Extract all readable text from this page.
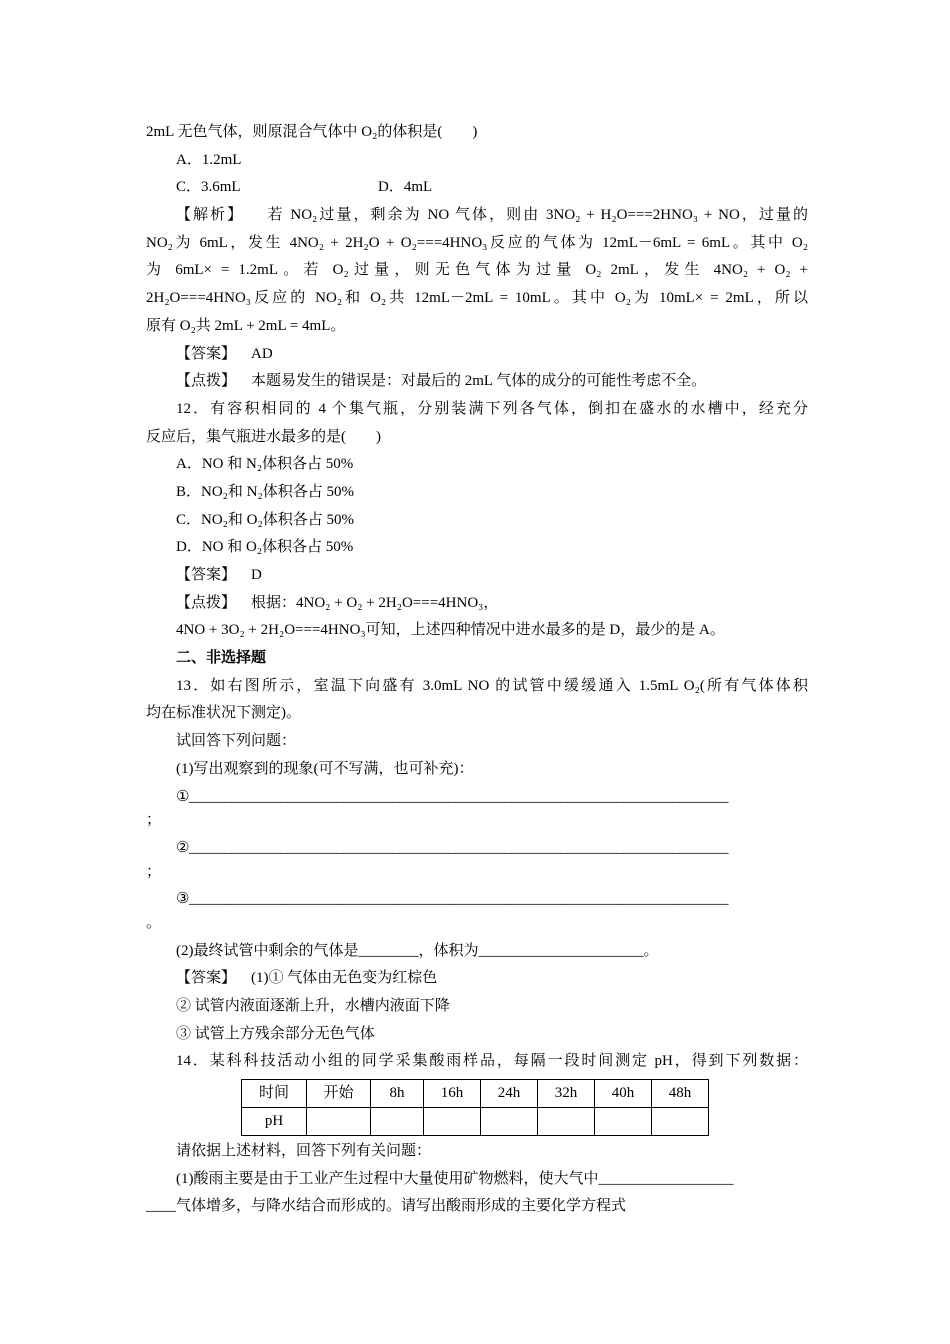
2mL 无色气体，则原混合气体中 O₂的体积是(　　)
A．1.2mL
C．3.6mL	D．4mL
【解析】 若 NO₂过量，剩余为 NO 气体，则由 3NO₂ + H₂O===2HNO₃ + NO，过量的
NO₂为 6mL，发生 4NO₂ + 2H₂O + O₂===4HNO₃反应的气体为 12mL－6mL = 6mL。其中 O₂
为 6mL× = 1.2mL。若 O₂过量，则无色气体为过量 O₂ 2mL，发生 4NO₂ + O₂ +
2H₂O===4HNO₃反应的 NO₂和 O₂共 12mL－2mL = 10mL。其中 O₂为 10mL× = 2mL，所以
原有 O₂共 2mL + 2mL = 4mL。
【答案】 AD
【点拨】 本题易发生的错误是：对最后的 2mL 气体的成分的可能性考虑不全。
12．有容积相同的 4 个集气瓶，分别装满下列各气体，倒扣在盛水的水槽中，经充分
反应后，集气瓶进水最多的是(　　)
A．NO 和 N₂体积各占 50%
B．NO₂和 N₂体积各占 50%
C．NO₂和 O₂体积各占 50%
D．NO 和 O₂体积各占 50%
【答案】 D
【点拨】 根据：4NO₂ + O₂ + 2H₂O===4HNO₃，
4NO + 3O₂ + 2H₂O===4HNO₃可知，上述四种情况中进水最多的是 D，最少的是 A。
二、非选择题
13．如右图所示，室温下向盛有 3.0mL NO 的试管中缓缓通入 1.5mL O₂(所有气体体积
均在标准状况下测定)。
试回答下列问题：
(1)写出观察到的现象(可不写满，也可补充)：
①_____________________________________________________________________________
；
②_____________________________________________________________________________
；
③_____________________________________________________________________________
。
(2)最终试管中剩余的气体是________，体积为______________________。
【答案】 (1)① 气体由无色变为红棕色
② 试管内液面逐渐上升，水槽内液面下降
③ 试管上方残余部分无色气体
14．某科科技活动小组的同学采集酸雨样品，每隔一段时间测定 pH，得到下列数据：
时间	开始	8h	16h	24h	32h	40h	48h
pH							
请依据上述材料，回答下列有关问题：
(1)酸雨主要是由于工业产生过程中大量使用矿物燃料，使大气中__________________
____气体增多，与降水结合而形成的。请写出酸雨形成的主要化学方程式
